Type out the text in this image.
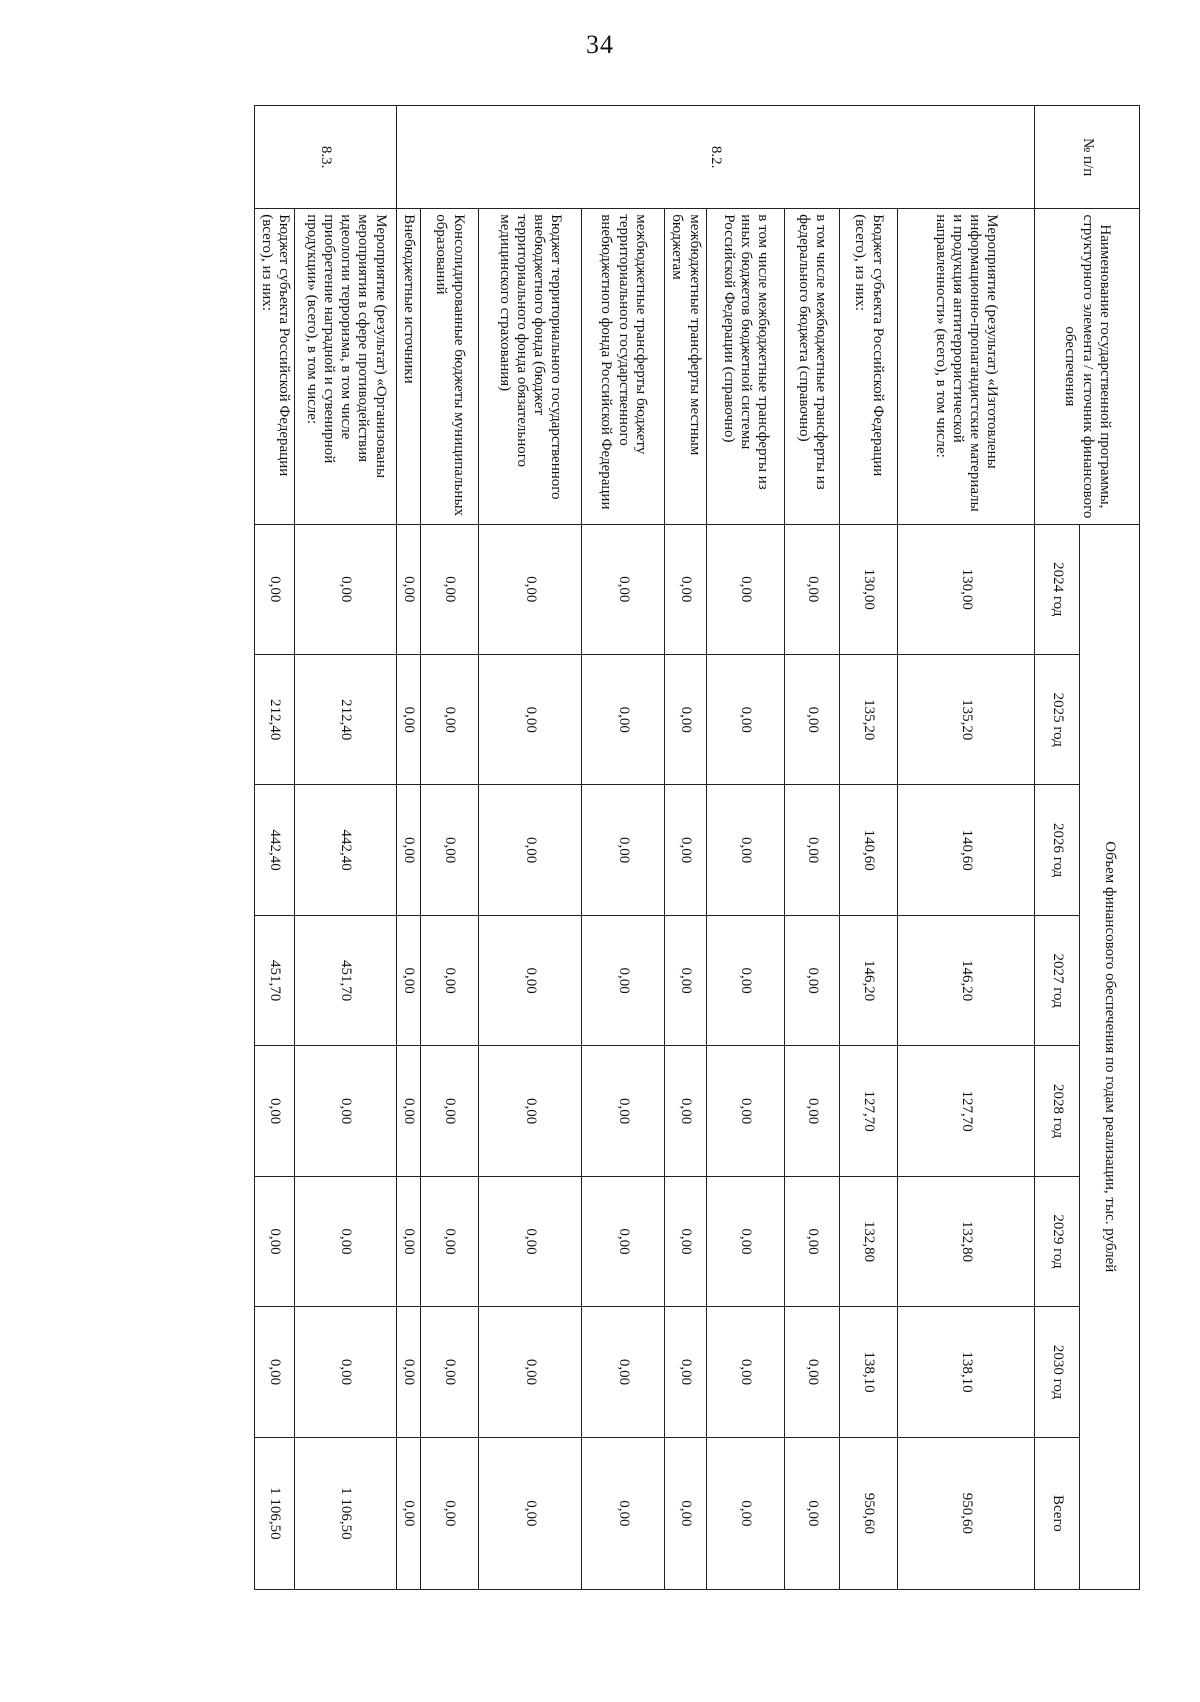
34
№ п/п	Наименование государственной программы, структурного элемента / источник финансового обеспечения	Объем финансового обеспечения по годам реализации, тыс. рублей							
		2024 год	2025 год	2026 год	2027 год	2028 год	2029 год	2030 год	Всего
8.2.	Мероприятие (результат) «Изготовлены информационно-пропагандистские материалы и продукция антитеррористической направленности» (всего), в том числе:	130,00	135,20	140,60	146,20	127,70	132,80	138,10	950,60
	Бюджет субъекта Российской Федерации (всего), из них:	130,00	135,20	140,60	146,20	127,70	132,80	138,10	950,60
	в том числе межбюджетные трансферты из федерального бюджета (справочно)	0,00	0,00	0,00	0,00	0,00	0,00	0,00	0,00
	в том числе межбюджетные трансферты из иных бюджетов бюджетной системы Российской Федерации (справочно)	0,00	0,00	0,00	0,00	0,00	0,00	0,00	0,00
	межбюджетные трансферты местным бюджетам	0,00	0,00	0,00	0,00	0,00	0,00	0,00	0,00
	межбюджетные трансферты бюджету территориального государственного внебюджетного фонда Российской Федерации	0,00	0,00	0,00	0,00	0,00	0,00	0,00	0,00
	Бюджет территориального государственного внебюджетного фонда (бюджет территориального фонда обязательного медицинского страхования)	0,00	0,00	0,00	0,00	0,00	0,00	0,00	0,00
	Консолидированные бюджеты муниципальных образований	0,00	0,00	0,00	0,00	0,00	0,00	0,00	0,00
	Внебюджетные источники	0,00	0,00	0,00	0,00	0,00	0,00	0,00	0,00
8.3.	Мероприятие (результат) «Организованы мероприятия в сфере противодействия идеологии терроризма, в том числе приобретение наградной и сувенирной продукции» (всего), в том числе:	0,00	212,40	442,40	451,70	0,00	0,00	0,00	1 106,50
	Бюджет субъекта Российской Федерации (всего), из них:	0,00	212,40	442,40	451,70	0,00	0,00	0,00	1 106,50
